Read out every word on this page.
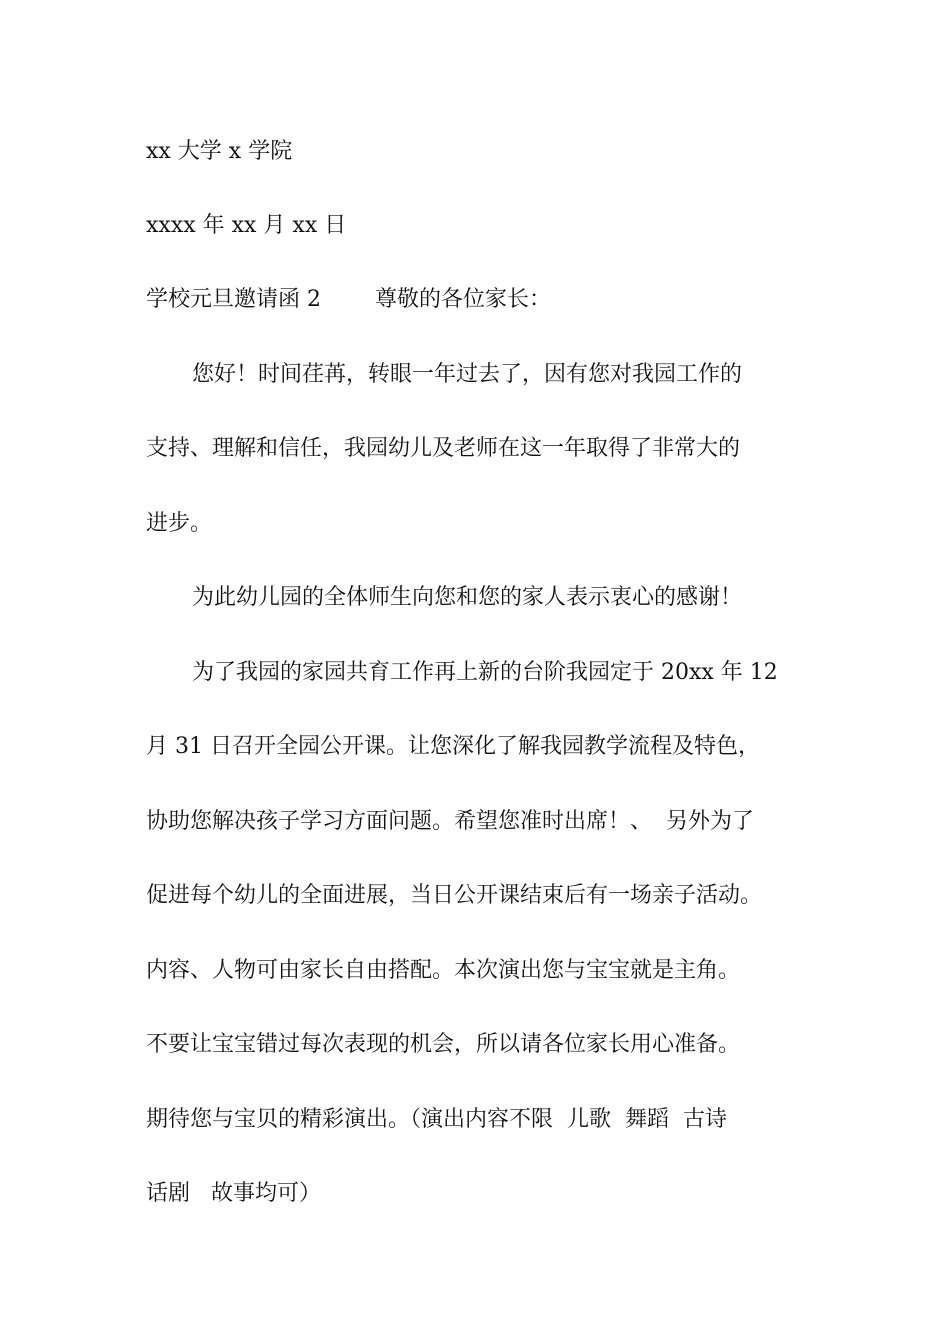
xx 大学 x 学院
xxxx 年 xx 月 xx 日
学校元旦邀请函 2 尊敬的各位家长：
您好！时间荏苒，转眼一年过去了，因有您对我园工作的
支持、理解和信任，我园幼儿及老师在这一年取得了非常大的
进步。
为此幼儿园的全体师生向您和您的家人表示衷心的感谢！
为了我园的家园共育工作再上新的台阶我园定于 20xx 年 12
月 31 日召开全园公开课。让您深化了解我园教学流程及特色，
协助您解决孩子学习方面问题。希望您准时出席！、  另外为了
促进每个幼儿的全面进展，当日公开课结束后有一场亲子活动。
内容、人物可由家长自由搭配。本次演出您与宝宝就是主角。
不要让宝宝错过每次表现的机会，所以请各位家长用心准备。
期待您与宝贝的精彩演出。（演出内容不限  儿歌  舞蹈  古诗
话剧   故事均可）
